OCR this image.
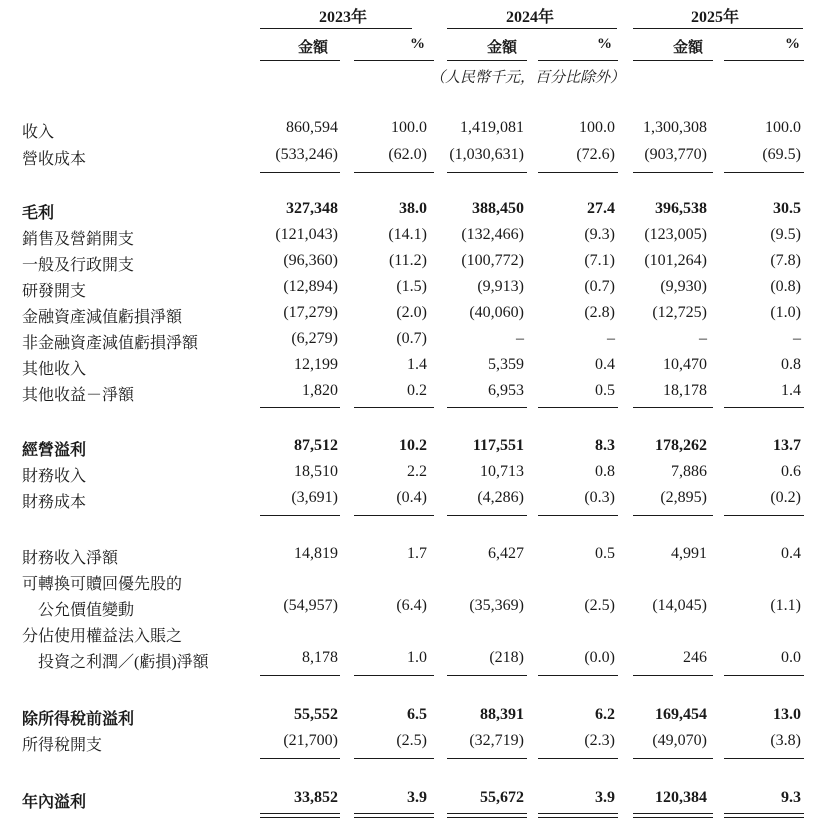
2023年	2024年	2025年
金額	%	金額	%	金額	%
（人民幣千元，百分比除外）
收入	860,594	100.0 1,419,081	100.0 1,300,308	100.0
營收成本	(533,246)	(62.0) (1,030,631)	(72.6) (903,770)	(69.5)
毛利	327,348	38.0	388,450	27.4	396,538	30.5
銷售及營銷開支	(121,043)	(14.1) (132,466)	(9.3) (123,005)	(9.5)
一般及行政開支	(96,360)	(11.2) (100,772)	(7.1) (101,264)	(7.8)
研發開支	(12,894)	(1.5)	(9,913)	(0.7)	(9,930)	(0.8)
金融資產減值虧損淨額	(17,279)	(2.0)	(40,060)	(2.8) (12,725)	(1.0)
非金融資產減值虧損淨額	(6,279)	(0.7)	–	–	–	–
其他收入	12,199	1.4	5,359	0.4	10,470	0.8
其他收益－淨額	1,820	0.2	6,953	0.5	18,178	1.4
經營溢利	87,512	10.2	117,551	8.3	178,262	13.7
財務收入	18,510	2.2	10,713	0.8	7,886	0.6
財務成本	(3,691)	(0.4)	(4,286)	(0.3)	(2,895)	(0.2)
財務收入淨額	14,819	1.7	6,427	0.5	4,991	0.4
可轉換可贖回優先股的
公允價值變動	(54,957)	(6.4)	(35,369)	(2.5) (14,045)	(1.1)
分佔使用權益法入賬之
投資之利潤／(虧損)淨額	8,178	1.0	(218)	(0.0)	246	0.0
除所得稅前溢利	55,552	6.5	88,391	6.2	169,454	13.0
所得稅開支	(21,700)	(2.5)	(32,719)	(2.3) (49,070)	(3.8)
年內溢利	33,852	3.9	55,672	3.9	120,384	9.3
